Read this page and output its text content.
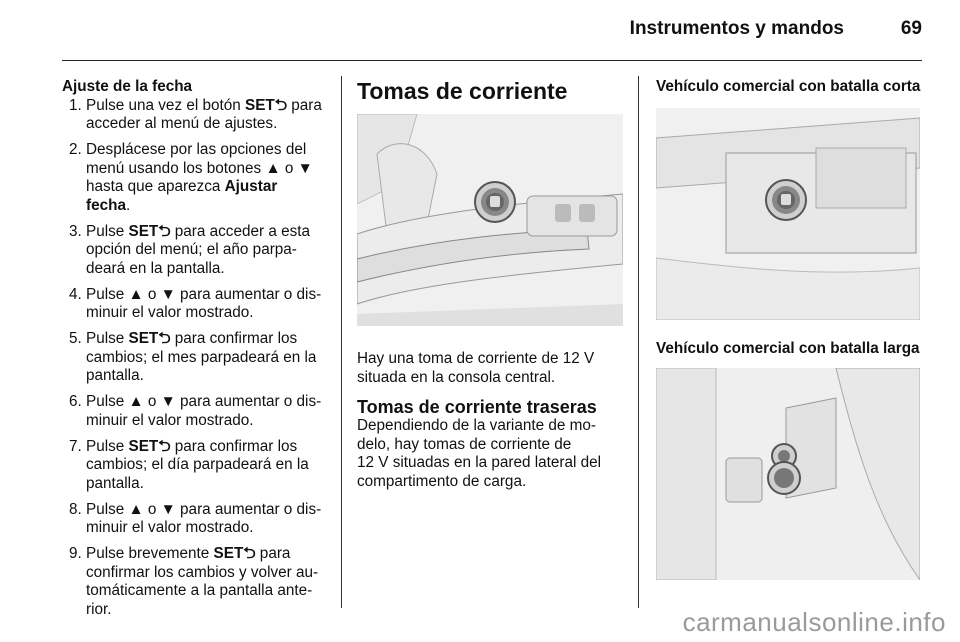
Instrumentos y mandos	69
Ajuste de la fecha
1. Pulse una vez el botón SET⮌ para acceder al menú de ajustes.
2. Desplácese por las opciones del menú usando los botones ▲ o ▼ hasta que aparezca Ajustar fecha.
3. Pulse SET⮌ para acceder a esta opción del menú; el año parpa- deará en la pantalla.
4. Pulse ▲ o ▼ para aumentar o dis- minuir el valor mostrado.
5. Pulse SET⮌ para confirmar los cambios; el mes parpadeará en la pantalla.
6. Pulse ▲ o ▼ para aumentar o dis- minuir el valor mostrado.
7. Pulse SET⮌ para confirmar los cambios; el día parpadeará en la pantalla.
8. Pulse ▲ o ▼ para aumentar o dis- minuir el valor mostrado.
9. Pulse brevemente SET⮌ para confirmar los cambios y volver au- tomáticamente a la pantalla ante- rior.
Tomas de corriente
Hay una toma de corriente de 12 V situada en la consola central.
Tomas de corriente traseras
Dependiendo de la variante de mo-
delo, hay tomas de corriente de
12 V situadas en la pared lateral del compartimento de carga.
Vehículo comercial con batalla corta
Vehículo comercial con batalla larga
carmanualsonline.info
